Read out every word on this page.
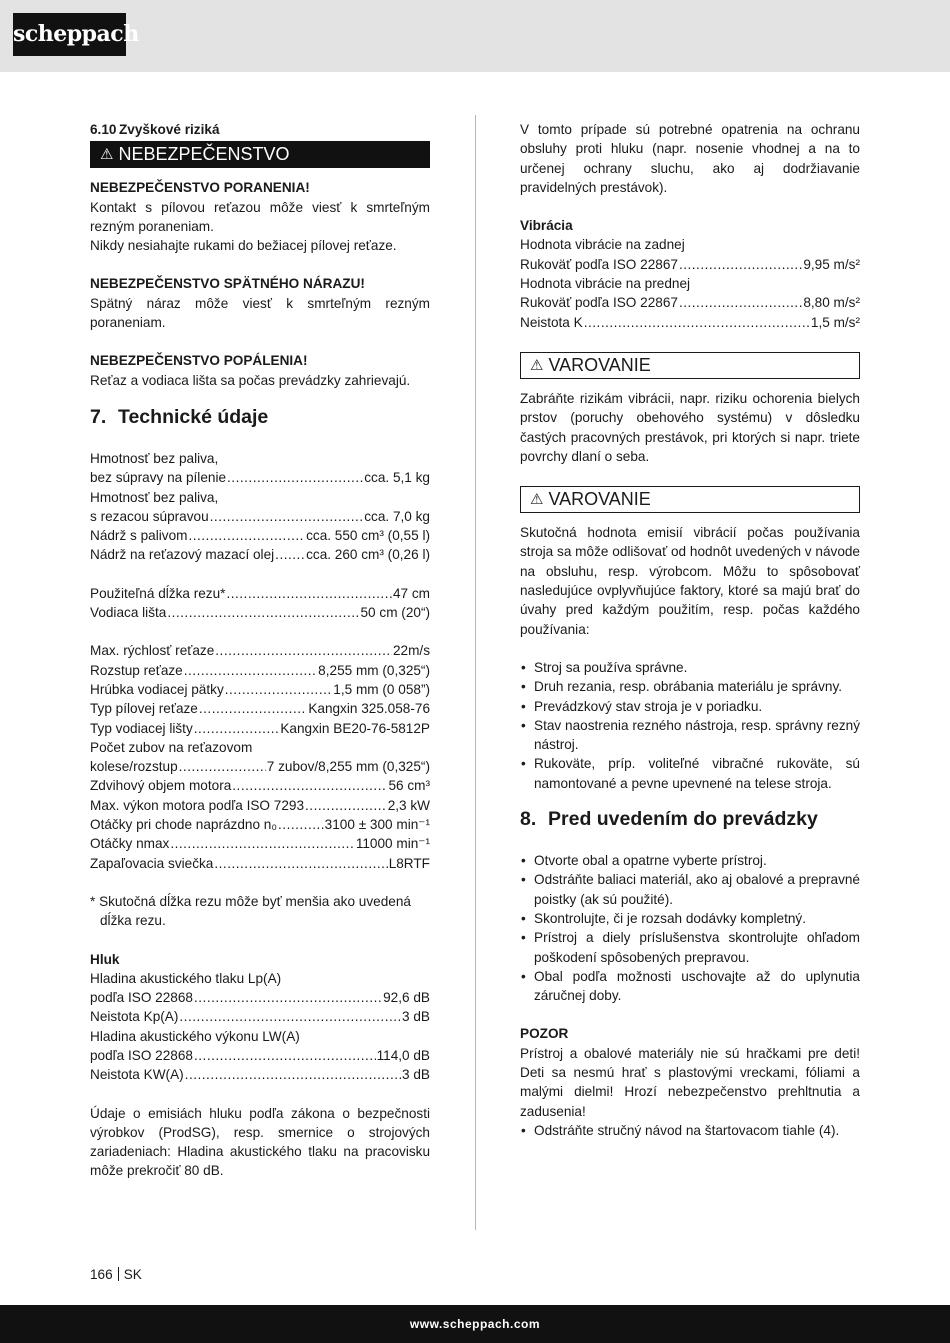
scheppach
6.10 Zvyškové riziká
⚠ NEBEZPEČENSTVO
NEBEZPEČENSTVO PORANENIA!

Kontakt s pílovou reťazou môže viesť k smrteľným rezným poraneniam.

Nikdy nesiahajte rukami do bežiacej pílovej reťaze.

NEBEZPEČENSTVO SPÄTNÉHO NÁRAZU!

Spätný náraz môže viesť k smrteľným rezným poraneniam.

NEBEZPEČENSTVO POPÁLENIA!

Reťaz a vodiaca lišta sa počas prevádzky zahrievajú.

7. Technické údaje
Hmotnosť bez paliva,
bez súpravy na pílenie .....	cca. 5,1 kg
Hmotnosť bez paliva,
s rezacou súpravou .....	cca. 7,0 kg
Nádrž s palivom .....	cca. 550 cm³ (0,55 l)
Nádrž na reťazový mazací olej ..... cca. 260 cm³ (0,26 l)
Použiteľná dĺžka rezu* .....	47 cm
Vodiaca lišta .....	50 cm (20“)
Max. rýchlosť reťaze .....	22m/s
Rozstup reťaze .....	8,255 mm (0,325“)
Hrúbka vodiacej pätky .....	1,5 mm (0 058”)
Typ pílovej reťaze .....	Kangxin 325.058-76
Typ vodiacej lišty .....	Kangxin BE20-76-5812P
Počet zubov na reťazovom
kolese/rozstup .....	7 zubov/8,255 mm (0,325“)
Zdvihový objem motora .....	56 cm³
Max. výkon motora podľa ISO 7293 .....	2,3 kW
Otáčky pri chode naprázdno n₀ .....	3100 ± 300 min⁻¹
Otáčky nmax .....	11000 min⁻¹
Zapaľovacia sviečka .....	L8RTF

* Skutočná dĺžka rezu môže byť menšia ako uvedená dĺžka rezu.

Hluk
Hladina akustického tlaku Lp(A)
podľa ISO 22868 .....	92,6 dB
Neistota Kp(A) .....	3 dB
Hladina akustického výkonu LW(A)
podľa ISO 22868 .....	114,0 dB
Neistota KW(A) .....	3 dB

Údaje o emisiách hluku podľa zákona o bezpečnosti výrobkov (ProdSG), resp. smernice o strojových zariadeniach: Hladina akustického tlaku na pracovisku môže prekročiť 80 dB.

V tomto prípade sú potrebné opatrenia na ochranu obsluhy proti hluku (napr. nosenie vhodnej a na to určenej ochrany sluchu, ako aj dodržiavanie pravidelných prestávok).

Vibrácia
Hodnota vibrácie na zadnej
Rukoväť podľa ISO 22867 .....	9,95 m/s²
Hodnota vibrácie na prednej
Rukoväť podľa ISO 22867 .....	8,80 m/s²
Neistota K .....	1,5 m/s²
⚠ VAROVANIE

Zabráňte rizikám vibrácii, napr. riziku ochorenia bielych prstov (poruchy obehového systému) v dôsledku častých pracovných prestávok, pri ktorých si napr. triete povrchy dlaní o seba.

⚠ VAROVANIE

Skutočná hodnota emisií vibrácií počas používania stroja sa môže odlišovať od hodnôt uvedených v návode na obsluhu, resp. výrobcom. Môžu to spôsobovať nasledujúce ovplyvňujúce faktory, ktoré sa majú brať do úvahy pred každým použitím, resp. počas každého používania:

• Stroj sa používa správne.
• Druh rezania, resp. obrábania materiálu je správny.
• Prevádzkový stav stroja je v poriadku.
• Stav naostrenia rezného nástroja, resp. správny rezný nástroj.
• Rukoväte, príp. voliteľné vibračné rukoväte, sú namontované a pevne upevnené na telese stroja.
8. Pred uvedením do prevádzky
• Otvorte obal a opatrne vyberte prístroj.
• Odstráňte baliaci materiál, ako aj obalové a prepravné poistky (ak sú použité).
• Skontrolujte, či je rozsah dodávky kompletný.
• Prístroj a diely príslušenstva skontrolujte ohľadom poškodení spôsobených prepravou.
• Obal podľa možnosti uschovajte až do uplynutia záručnej doby.
POZOR

Prístroj a obalové materiály nie sú hračkami pre deti! Deti sa nesmú hrať s plastovými vreckami, fóliami a malými dielmi! Hrozí nebezpečenstvo prehltnutia a zadusenia!

• Odstráňte stručný návod na štartovacom tiahle (4).
166 SK
www.scheppach.com
